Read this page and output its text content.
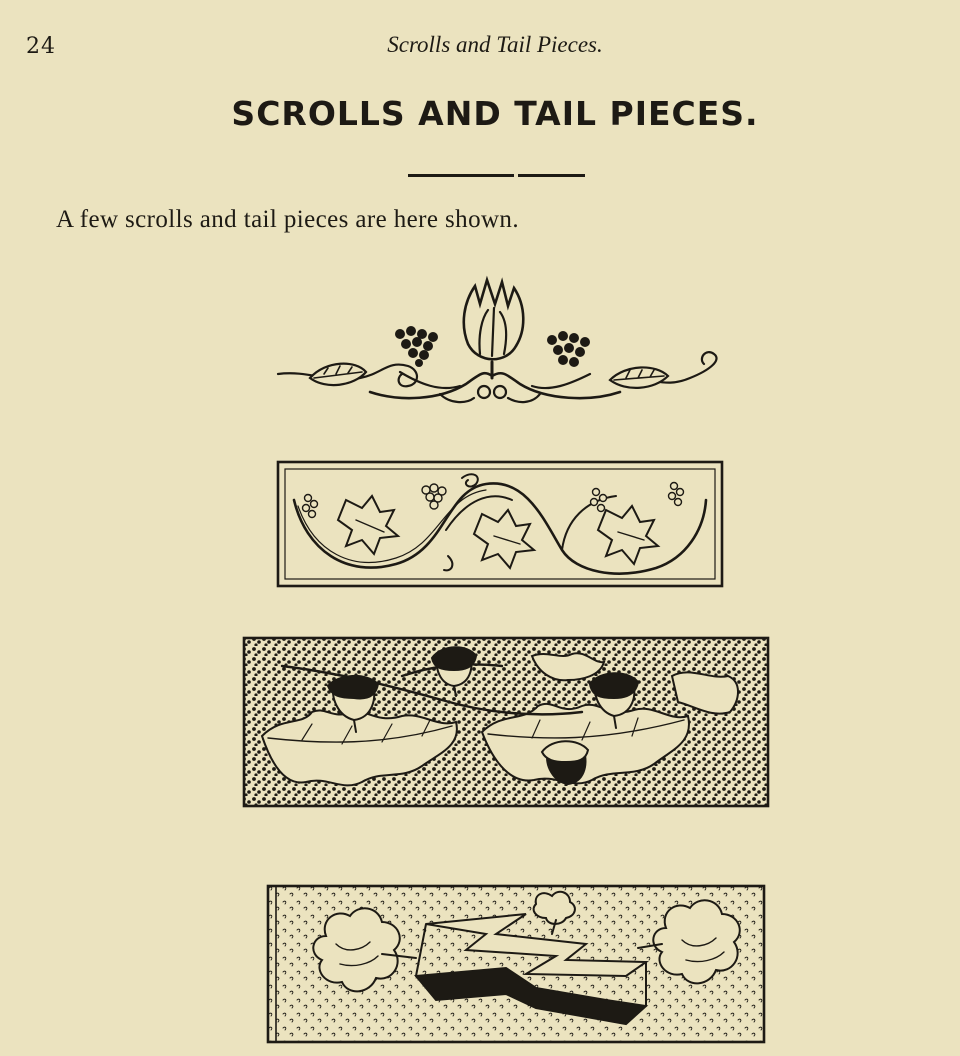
24	Scrolls and Tail Pieces.
SCROLLS AND TAIL PIECES.
A few scrolls and tail pieces are here shown.
